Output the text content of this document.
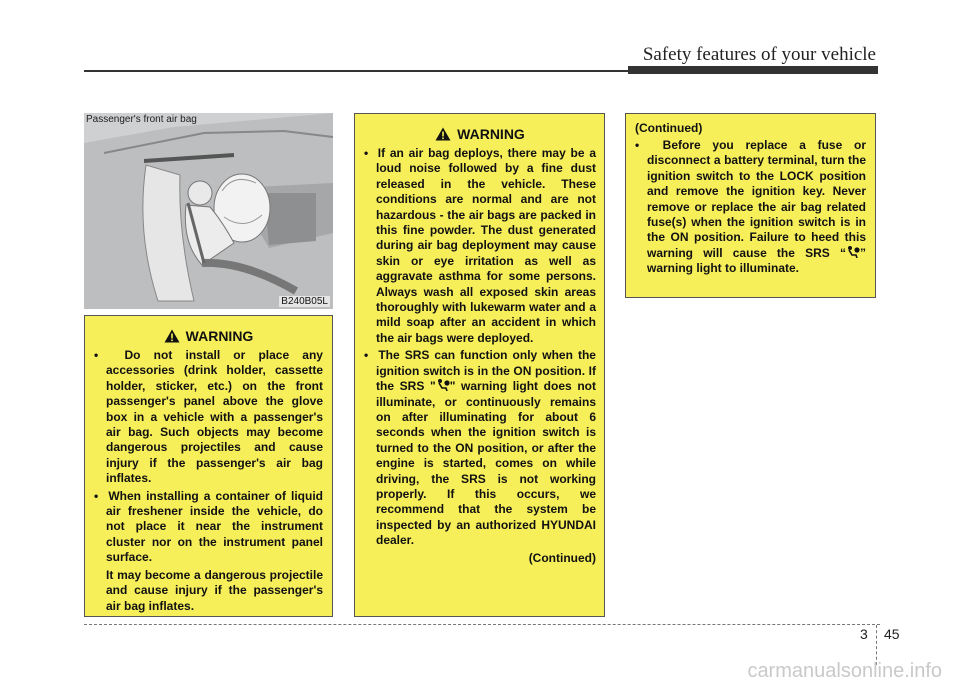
Safety features of your vehicle
B240B05L
Passenger's front air bag
WARNING
•  Do not install or place any accessories (drink holder, cassette holder, sticker, etc.) on the front passenger's panel above the glove box in a vehicle with a passenger's air bag. Such objects may become dangerous projectiles and cause injury if the passenger's air bag inflates.
•  When installing a container of liquid air freshener inside the vehicle, do not place it near the instrument cluster nor on the instrument panel surface.
It may become a dangerous projectile and cause injury if the passenger's air bag inflates.
WARNING
•  If an air bag deploys, there may be a loud noise followed by a fine dust released in the vehicle. These conditions are normal and are not hazardous - the air bags are packed in this fine powder. The dust generated during air bag deployment may cause skin or eye irritation as well as aggravate asthma for some persons. Always wash all exposed skin areas thoroughly with lukewarm water and a mild soap after an accident in which the air bags were deployed.
•  The SRS can function only when the ignition switch is in the ON position. If the SRS " " warning light does not illuminate, or continuously remains on after illuminating for about 6 seconds when the ignition switch is turned to the ON position, or after the engine is started, comes on while driving, the SRS is not working properly. If this occurs, we recommend that the system be inspected by an authorized HYUNDAI dealer.
(Continued)
(Continued)
•  Before you replace a fuse or disconnect a battery terminal, turn the ignition switch to the LOCK position and remove the ignition key. Never remove or replace the air bag related fuse(s) when the ignition switch is in the ON position. Failure to heed this warning will cause the SRS “ ” warning light to illuminate.
3 45
carmanualsonline.info
